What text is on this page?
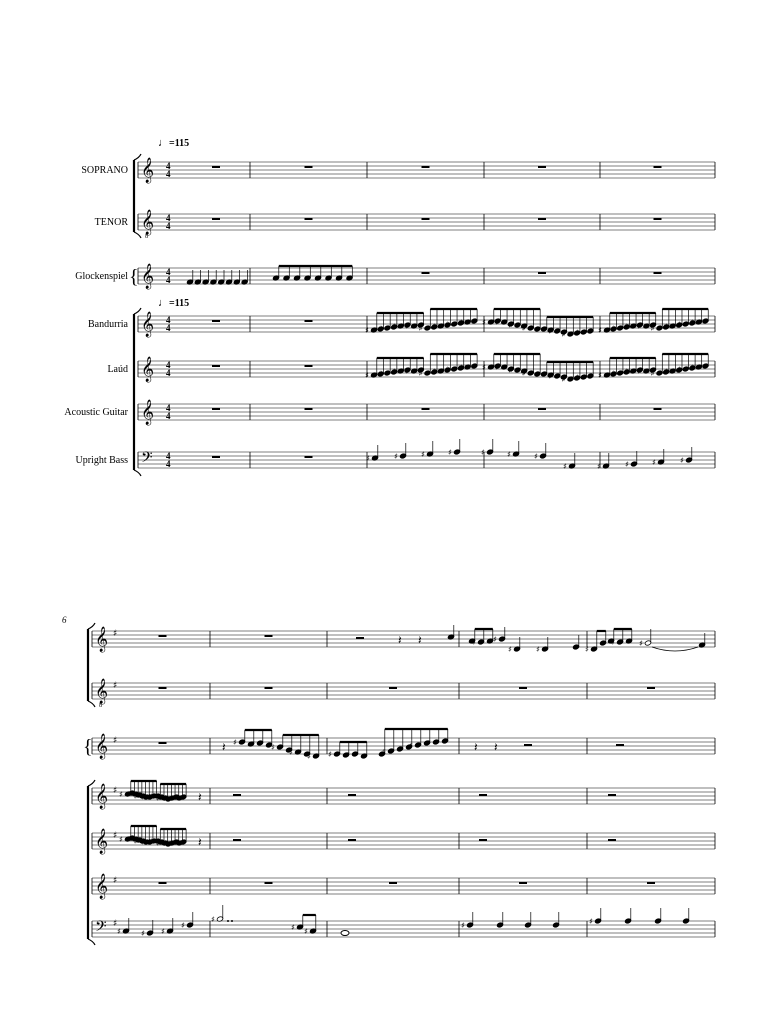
SOPRANO
TENOR
Glockenspiel
Bandurria
Laúd
Acoustic Guitar
Upright Bass
𝄞 4
4
𝄞
8
4
4
𝄞 4
4
𝄞 4
4
𝄞 4
4
𝄞 4
4
𝄢 4
4
{
♯ ♯ ♯ ♯ ♯ ♯ ♯ ♯ ♯ ♯ ♯ ♯ ♯ ♯ ♯ ♯ ♯ ♯ ♯ ♯ ♯ ♯ ♯ ♯
♯ ♯ ♯ ♯ ♯ ♯ ♯ ♯ ♯ ♯ ♯ ♯ ♯ ♯ ♯ ♯ ♯ ♯ ♯ ♯ ♯ ♯ ♯ ♯
♯	♯	♯	♯	♯	♯	♯
♯	♯	♯	♯	♯
𝄞 ♯
𝄞
8
♯
𝄞 ♯
𝄞 ♯
𝄞 ♯
𝄞 ♯
𝄢 ♯
{
𝄽 𝄽	♯ ♯
♯	♯	♯
♯ ♯ ♯
𝄽 ♯ ♯ ♯
♯ ♯ ♯ ♯	♯
♯ ♯	𝄽 𝄽
♯ ♯ ♯ ♯ ♯ ♯ ♯ ♯ 𝄽
♯ ♯ ♯ ♯ ♯ ♯ ♯ ♯ 𝄽
♯	♯ ♯
♯
♯
♯ ♯
♯	♯
♩=115
♩=115
6
